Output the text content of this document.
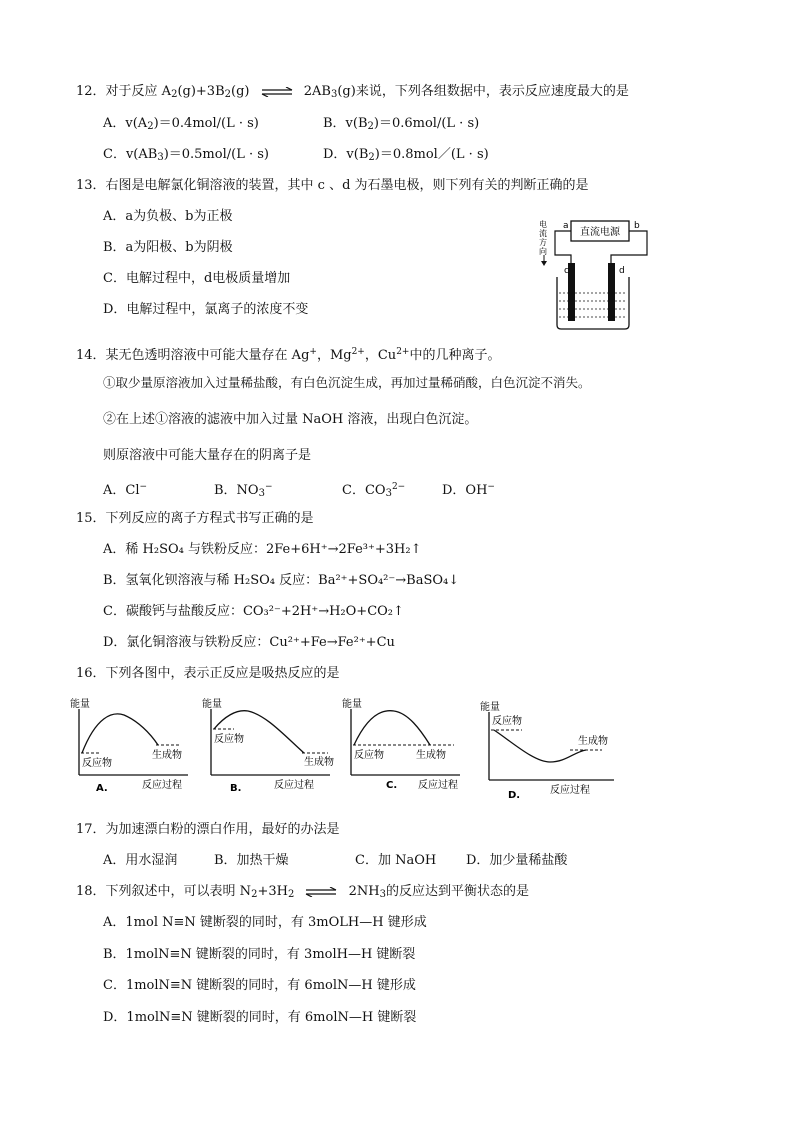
12．对于反应 $A_2(g)+3B_2(g)$ ⇌ $2AB_3(g)$来说，下列各组数据中，表示反应速度最大的是
A．$v(A_2)=0.4mol/(L \cdot s)$	B．$v(B_2)=0.6mol/(L \cdot s)$
C．$v(AB_3)=0.5mol/(L \cdot s)$	D．$v(B_2)=0.8mol/(L \cdot s)$
13．右图是电解氯化铜溶液的装置，其中 c 、d 为石墨电极，则下列有关的判断正确的是
A．a为负极、b为正极
B．a为阳极、b为阴极
C．电解过程中，d电极质量增加
D．电解过程中，氯离子的浓度不变
直流电源
a	b
电
流
方
向
c	d
14．某无色透明溶液中可能大量存在 Ag+，$Mg^{2+}$，$Cu^{2+}$中的几种离子。
①取少量原溶液加入过量稀盐酸，有白色沉淀生成，再加过量稀硝酸，白色沉淀不消失。
②在上述①溶液的滤液中加入过量 NaOH 溶液，出现白色沉淀。
则原溶液中可能大量存在的阴离子是
A．Cl−	B．$NO_3^-$	C．$CO_3^{2-}$	D．OH−
15．下列反应的离子方程式书写正确的是
A．稀 H₂SO₄ 与铁粉反应：2Fe+6H⁺→2Fe³⁺+3H₂↑
B．氢氧化钡溶液与稀 H₂SO₄ 反应：Ba²⁺+SO₄²⁻→BaSO₄↓
C．碳酸钙与盐酸反应：CO₃²⁻+2H⁺→H₂O+CO₂↑
D．氯化铜溶液与铁粉反应：Cu²⁺+Fe→Fe²⁺+Cu
16．下列各图中，表示正反应是吸热反应的是
能量
反应物
生成物
A.	反应过程
能量
反应物
生成物
B.	反应过程
能量
反应物	生成物
C. 反应过程
能量
反应物
生成物
D.	反应过程
17．为加速漂白粉的漂白作用，最好的办法是
A．用水湿润	B．加热干燥	C．加 NaOH D．加少量稀盐酸
18．下列叙述中，可以表明 $N_2+3H_2$ ⇌ $2NH_3$的反应达到平衡状态的是
A．1mol N≡N 键断裂的同时，有 3mOLH—H 键形成
B．1molN≡N 键断裂的同时，有 3molH—H 键断裂
C．1molN≡N 键断裂的同时，有 6molN—H 键形成
D．1molN≡N 键断裂的同时，有 6molN—H 键断裂
